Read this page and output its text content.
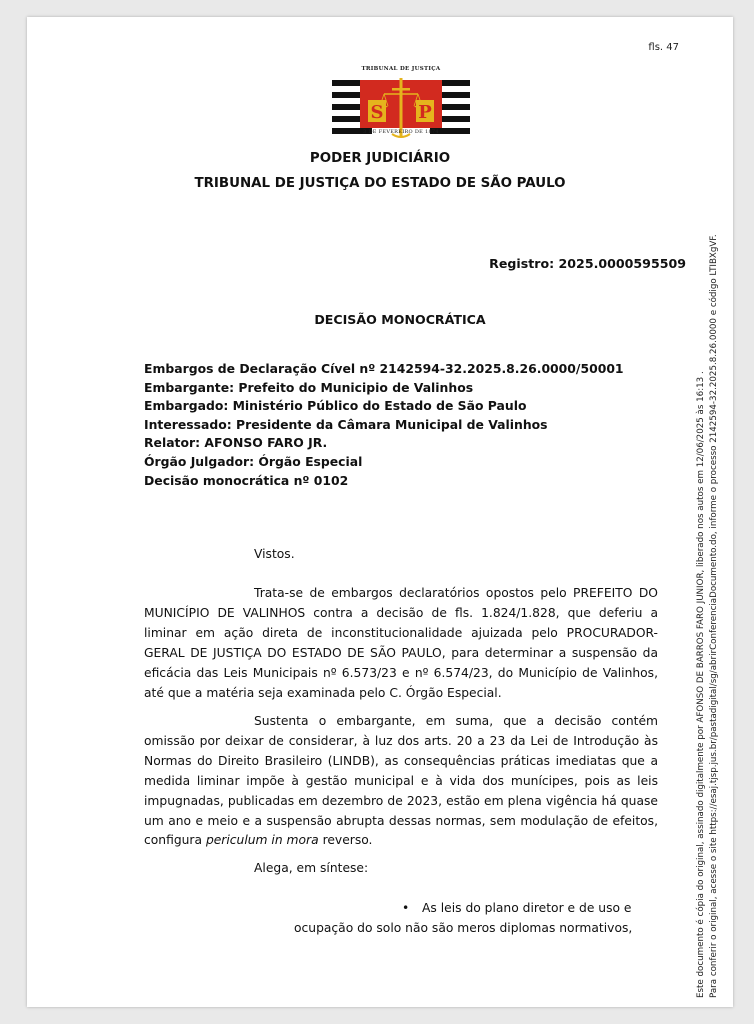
fls. 47
TRIBUNAL DE JUSTIÇA
S P
3 DE FEVEREIRO DE 1874
PODER JUDICIÁRIO
TRIBUNAL DE JUSTIÇA DO ESTADO DE SÃO PAULO
Registro: 2025.0000595509
DECISÃO MONOCRÁTICA
Embargos de Declaração Cível nº 2142594-32.2025.8.26.0000/50001
Embargante: Prefeito do Municipio de Valinhos
Embargado: Ministério Público do Estado de São Paulo
Interessado: Presidente da Câmara Municipal de Valinhos
Relator: AFONSO FARO JR.
Órgão Julgador: Órgão Especial
Decisão monocrática nº 0102
Vistos.
Trata-se de embargos declaratórios opostos pelo PREFEITO DO MUNICÍPIO DE VALINHOS contra a decisão de fls. 1.824/1.828, que deferiu a liminar em ação direta de inconstitucionalidade ajuizada pelo PROCURADOR-GERAL DE JUSTIÇA DO ESTADO DE SÃO PAULO, para determinar a suspensão da eficácia das Leis Municipais nº 6.573/23 e nº 6.574/23, do Município de Valinhos, até que a matéria seja examinada pelo C. Órgão Especial.
Sustenta o embargante, em suma, que a decisão contém omissão por deixar de considerar, à luz dos arts. 20 a 23 da Lei de Introdução às Normas do Direito Brasileiro (LINDB), as consequências práticas imediatas que a medida liminar impõe à gestão municipal e à vida dos munícipes, pois as leis impugnadas, publicadas em dezembro de 2023, estão em plena vigência há quase um ano e meio e a suspensão abrupta dessas normas, sem modulação de efeitos, configura periculum in mora reverso.
Alega, em síntese:
• As leis do plano diretor e de uso e
ocupação do solo não são meros diplomas normativos,	Este documento é cópia do original, assinado digitalmente por AFONSO DE BARROS FARO JUNIOR, liberado nos autos em 12/06/2025 às 16:13 . Para conferir o original, acesse o site https://esaj.tjsp.jus.br/pastadigital/sg/abrirConferenciaDocumento.do, informe o processo 2142594-32.2025.8.26.0000 e código LTIBXgVF.
